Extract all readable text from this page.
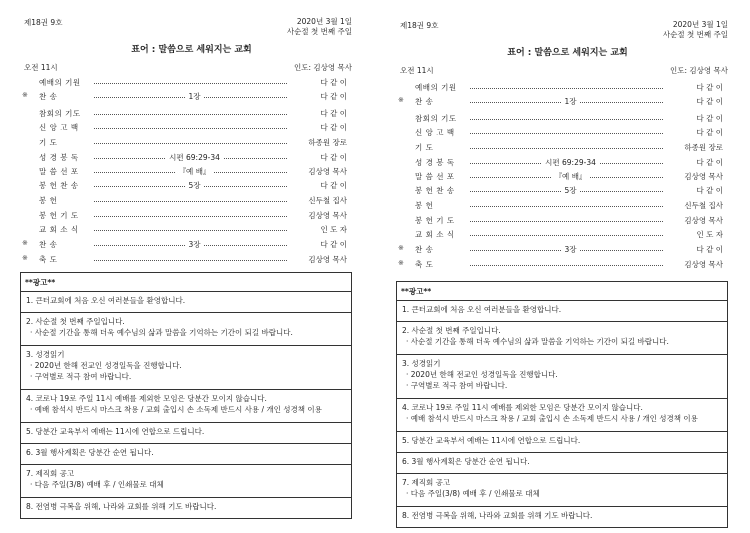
제18권 9호	2020년 3월 1일
사순절 첫 번째 주일
표어 : 말씀으로 세워지는 교회
오전 11시	인도: 김상영 목사
예배의 기원	다 같 이
※	찬 송	1장	다 같 이
참회의 기도	다 같 이
신 앙 고 백	다 같 이
기 도	하종원 장로
성 경 봉 독	시편 69:29-34	다 같 이
말 씀 선 포	『예 배』	김상영 목사
봉 헌 찬 송	5장	다 같 이
봉 헌	신두철 집사
봉 헌 기 도	김상영 목사
교 회 소 식	인 도 자
※	찬 송	3장	다 같 이
※	축 도	김상영 목사
**광고**
1. 큰터교회에 처음 오신 여러분들을 환영합니다.
2. 사순절 첫 번째 주일입니다.
· 사순절 기간을 통해 더욱 예수님의 삶과 말씀을 기억하는 기간이 되길 바랍니다.
3. 성경읽기
· 2020년 한해 전교인 성경일독을 진행합니다.
· 구역별로 적극 참여 바랍니다.
4. 코로나 19로 주일 11시 예배를 제외한 모임은 당분간 모이지 않습니다.
· 예배 참석시 반드시 마스크 착용 / 교회 출입시 손 소독제 반드시 사용 / 개인 성경책 이용
5. 당분간 교육부서 예배는 11시에 연합으로 드립니다.
6. 3월 행사계획은 당분간 순연 됩니다.
7. 제직회 공고
· 다음 주일(3/8) 예배 후 / 인쇄물로 대체
8. 전염병 극복을 위해, 나라와 교회를 위해 기도 바랍니다.
제18권 9호	2020년 3월 1일
사순절 첫 번째 주일
표어 : 말씀으로 세워지는 교회
오전 11시	인도: 김상영 목사
예배의 기원	다 같 이
※	찬 송	1장	다 같 이
참회의 기도	다 같 이
신 앙 고 백	다 같 이
기 도	하종원 장로
성 경 봉 독	시편 69:29-34	다 같 이
말 씀 선 포	『예 배』	김상영 목사
봉 헌 찬 송	5장	다 같 이
봉 헌	신두철 집사
봉 헌 기 도	김상영 목사
교 회 소 식	인 도 자
※	찬 송	3장	다 같 이
※	축 도	김상영 목사
**광고**
1. 큰터교회에 처음 오신 여러분들을 환영합니다.
2. 사순절 첫 번째 주일입니다.
· 사순절 기간을 통해 더욱 예수님의 삶과 말씀을 기억하는 기간이 되길 바랍니다.
3. 성경읽기
· 2020년 한해 전교인 성경일독을 진행합니다.
· 구역별로 적극 참여 바랍니다.
4. 코로나 19로 주일 11시 예배를 제외한 모임은 당분간 모이지 않습니다.
· 예배 참석시 반드시 마스크 착용 / 교회 출입시 손 소독제 반드시 사용 / 개인 성경책 이용
5. 당분간 교육부서 예배는 11시에 연합으로 드립니다.
6. 3월 행사계획은 당분간 순연 됩니다.
7. 제직회 공고
· 다음 주일(3/8) 예배 후 / 인쇄물로 대체
8. 전염병 극복을 위해, 나라와 교회를 위해 기도 바랍니다.
